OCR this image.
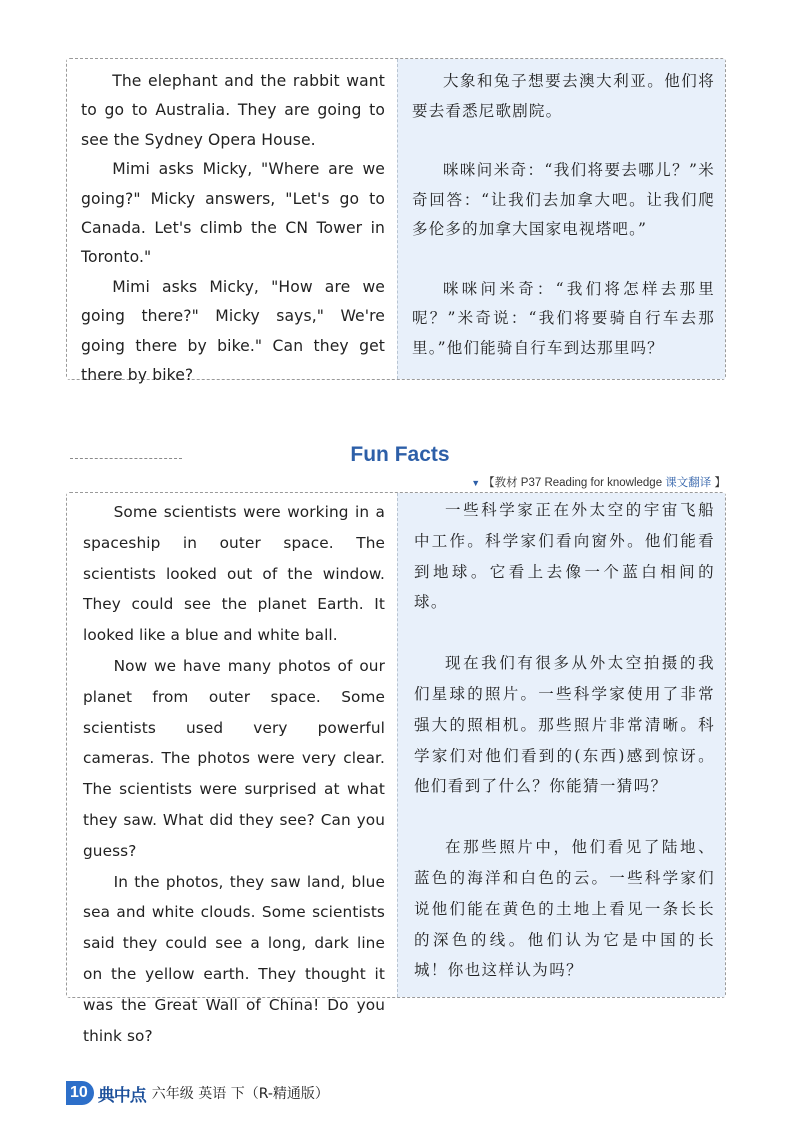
The elephant and the rabbit want to go to Australia. They are going to see the Sydney Opera House.

Mimi asks Micky, "Where are we going?" Micky answers, "Let's go to Canada. Let's climb the CN Tower in Toronto."

Mimi asks Micky, "How are we going there?" Micky says," We're going there by bike." Can they get there by bike?

大象和兔子想要去澳大利亚。他们将要去看悉尼歌剧院。

咪咪问米奇：“我们将要去哪儿？”米奇回答：“让我们去加拿大吧。让我们爬多伦多的加拿大国家电视塔吧。”

咪咪问米奇：“我们将怎样去那里呢？”米奇说：“我们将要骑自行车去那里。”他们能骑自行车到达那里吗？

Fun Facts
▼ 【教材 P37 Reading for knowledge 课文翻译 】

Some scientists were working in a spaceship in outer space. The scientists looked out of the window. They could see the planet Earth. It looked like a blue and white ball.

Now we have many photos of our planet from outer space. Some scientists used very powerful cameras. The photos were very clear. The scientists were surprised at what they saw. What did they see? Can you guess?

In the photos, they saw land, blue sea and white clouds. Some scientists said they could see a long, dark line on the yellow earth. They thought it was the Great Wall of China! Do you think so?

一些科学家正在外太空的宇宙飞船中工作。科学家们看向窗外。他们能看到地球。它看上去像一个蓝白相间的球。

现在我们有很多从外太空拍摄的我们星球的照片。一些科学家使用了非常强大的照相机。那些照片非常清晰。科学家们对他们看到的(东西)感到惊讶。他们看到了什么？你能猜一猜吗？

在那些照片中，他们看见了陆地、蓝色的海洋和白色的云。一些科学家们说他们能在黄色的土地上看见一条长长的深色的线。他们认为它是中国的长城！你也这样认为吗？

10 典中点 六年级 英语 下（R-精通版）
